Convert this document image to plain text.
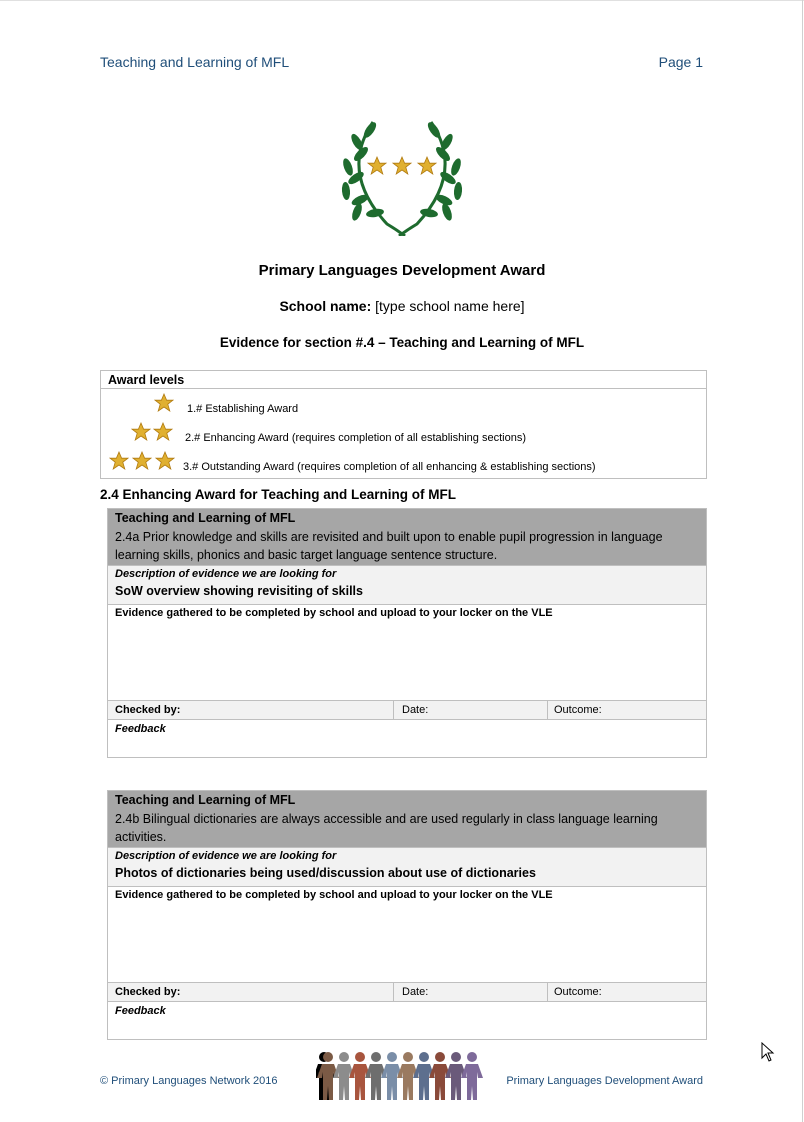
Teaching and Learning of MFL	Page 1
Primary Languages Development Award
School name: [type school name here]
Evidence for section #.4 – Teaching and Learning of MFL
Award levels
1.# Establishing Award
2.# Enhancing Award (requires completion of all establishing sections)
3.# Outstanding Award (requires completion of all enhancing & establishing sections)
2.4 Enhancing Award for Teaching and Learning of MFL
Teaching and Learning of MFL
2.4a Prior knowledge and skills are revisited and built upon to enable pupil progression in language learning skills, phonics and basic target language sentence structure.
Description of evidence we are looking for
SoW overview showing revisiting of skills
Evidence gathered to be completed by school and upload to your locker on the VLE
Checked by:	Date:	Outcome:
Feedback
Teaching and Learning of MFL
2.4b Bilingual dictionaries are always accessible and are used regularly in class language learning activities.
Description of evidence we are looking for
Photos of dictionaries being used/discussion about use of dictionaries
Evidence gathered to be completed by school and upload to your locker on the VLE
Checked by:	Date:	Outcome:
Feedback
© Primary Languages Network 2016	Primary Languages Development Award
